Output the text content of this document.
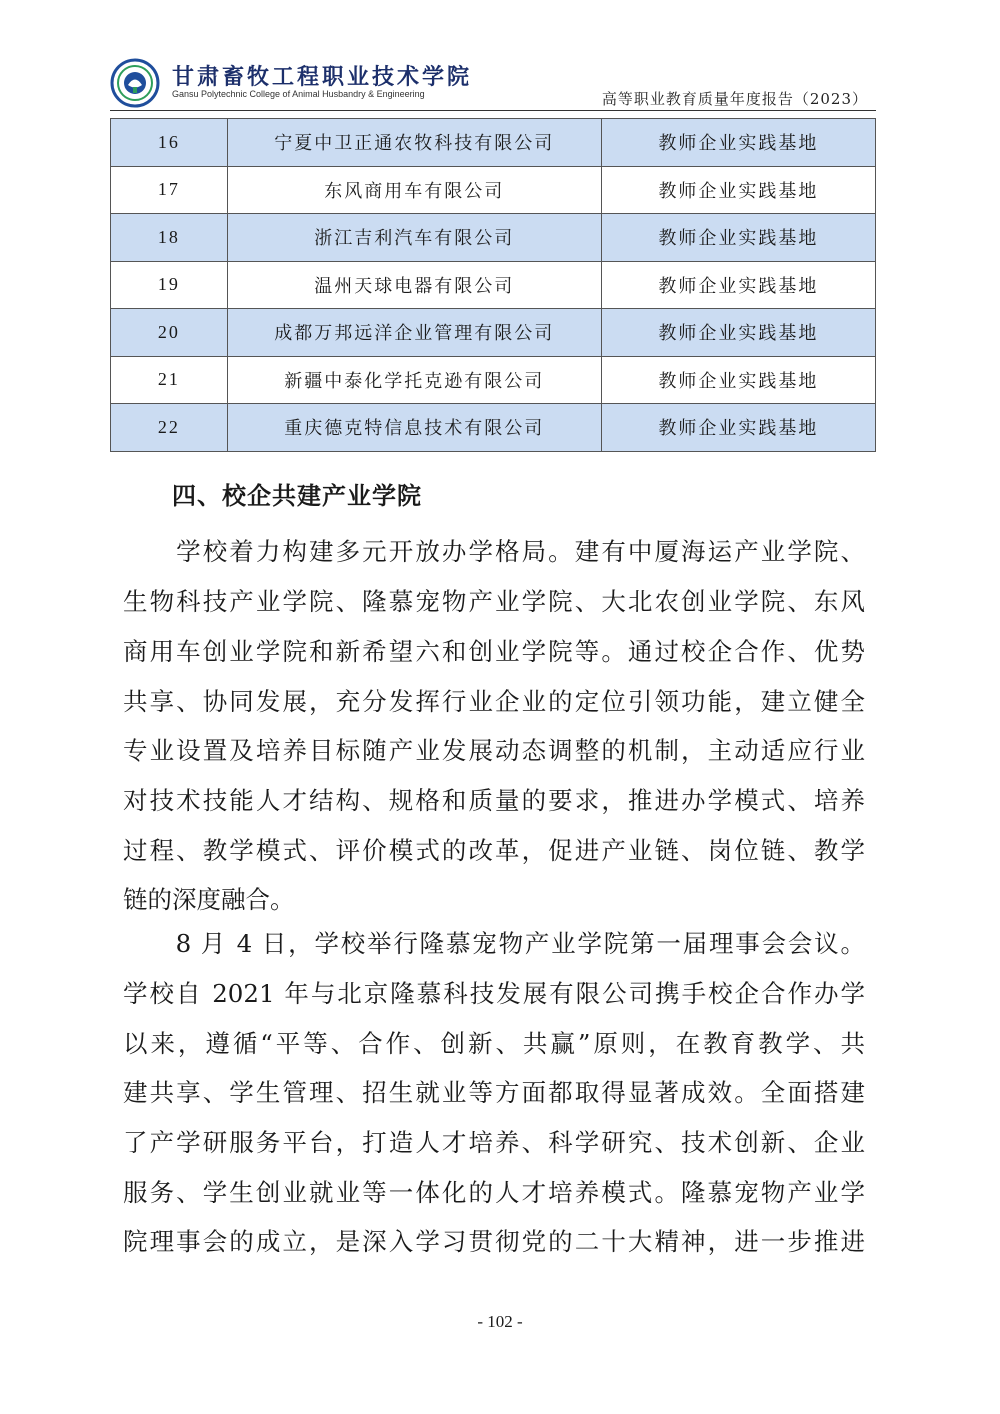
甘肃畜牧工程职业技术学院
Gansu Polytechnic College of Animal Husbandry & Engineering	高等职业教育质量年度报告（2023）
16	宁夏中卫正通农牧科技有限公司	教师企业实践基地
17	东风商用车有限公司	教师企业实践基地
18	浙江吉利汽车有限公司	教师企业实践基地
19	温州天球电器有限公司	教师企业实践基地
20	成都万邦远洋企业管理有限公司	教师企业实践基地
21	新疆中泰化学托克逊有限公司	教师企业实践基地
22	重庆德克特信息技术有限公司	教师企业实践基地
四、校企共建产业学院
　　学校着力构建多元开放办学格局。建有中厦海运产业学院、
生物科技产业学院、隆慕宠物产业学院、大北农创业学院、东风
商用车创业学院和新希望六和创业学院等。通过校企合作、优势
共享、协同发展，充分发挥行业企业的定位引领功能，建立健全
专业设置及培养目标随产业发展动态调整的机制，主动适应行业
对技术技能人才结构、规格和质量的要求，推进办学模式、培养
过程、教学模式、评价模式的改革，促进产业链、岗位链、教学
链的深度融合。
　　8 月 4 日，学校举行隆慕宠物产业学院第一届理事会会议。
学校自 2021 年与北京隆慕科技发展有限公司携手校企合作办学
以来，遵循“平等、合作、创新、共赢”原则，在教育教学、共
建共享、学生管理、招生就业等方面都取得显著成效。全面搭建
了产学研服务平台，打造人才培养、科学研究、技术创新、企业
服务、学生创业就业等一体化的人才培养模式。隆慕宠物产业学
院理事会的成立，是深入学习贯彻党的二十大精神，进一步推进
- 102 -
